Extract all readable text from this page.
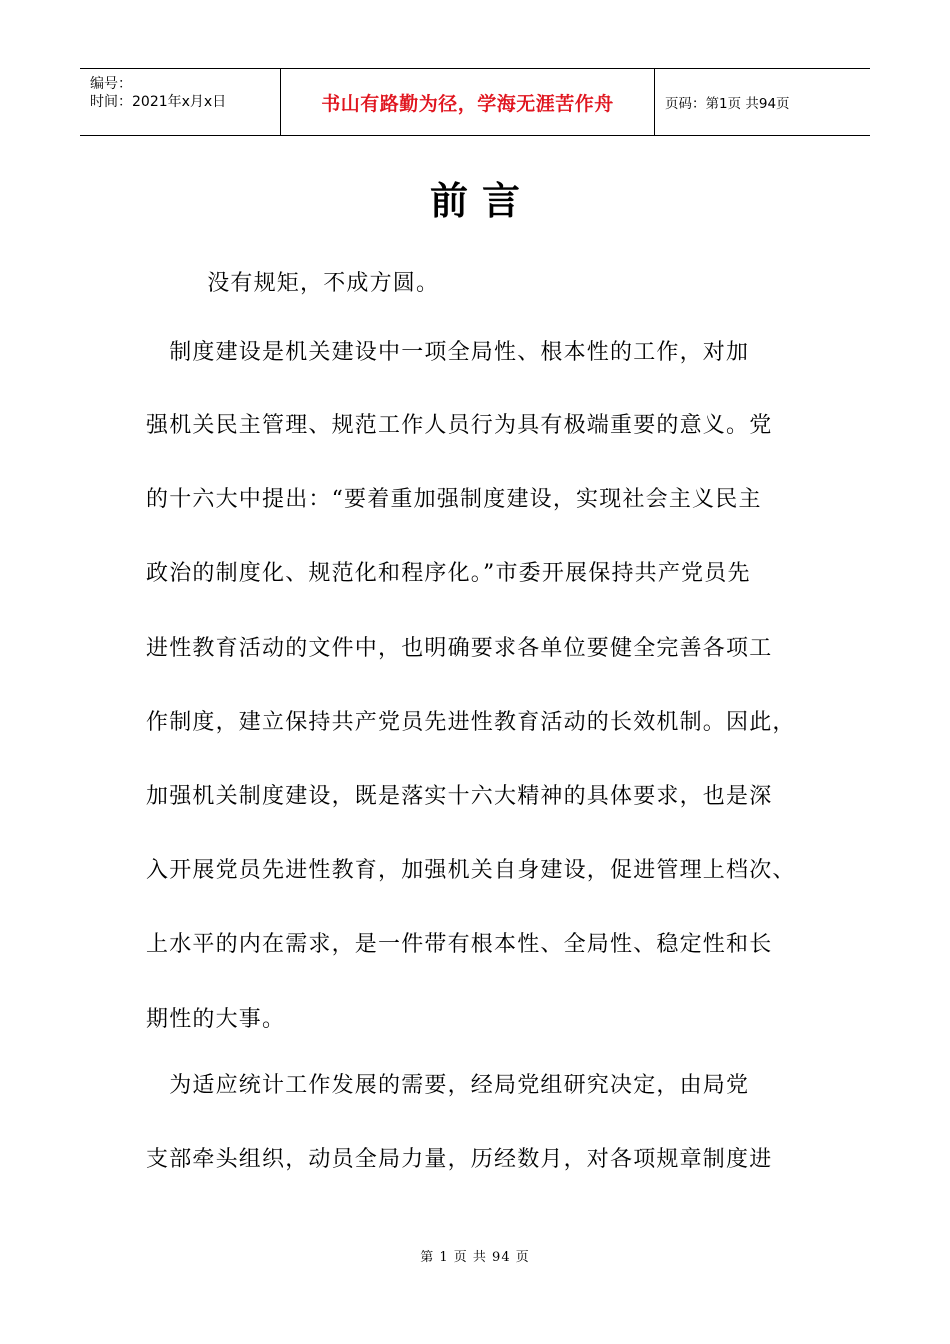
编号：
时间：2021年x月x日	书山有路勤为径，学海无涯苦作舟	页码：第1页 共94页
前言
　没有规矩，不成方圆。
　制度建设是机关建设中一项全局性、根本性的工作，对加
强机关民主管理、规范工作人员行为具有极端重要的意义。党
的十六大中提出：“要着重加强制度建设，实现社会主义民主
政治的制度化、规范化和程序化。”市委开展保持共产党员先
进性教育活动的文件中，也明确要求各单位要健全完善各项工
作制度，建立保持共产党员先进性教育活动的长效机制。因此，
加强机关制度建设，既是落实十六大精神的具体要求，也是深
入开展党员先进性教育，加强机关自身建设，促进管理上档次、
上水平的内在需求，是一件带有根本性、全局性、稳定性和长
期性的大事。
　为适应统计工作发展的需要，经局党组研究决定，由局党
支部牵头组织，动员全局力量，历经数月，对各项规章制度进
第 1 页 共 94 页
